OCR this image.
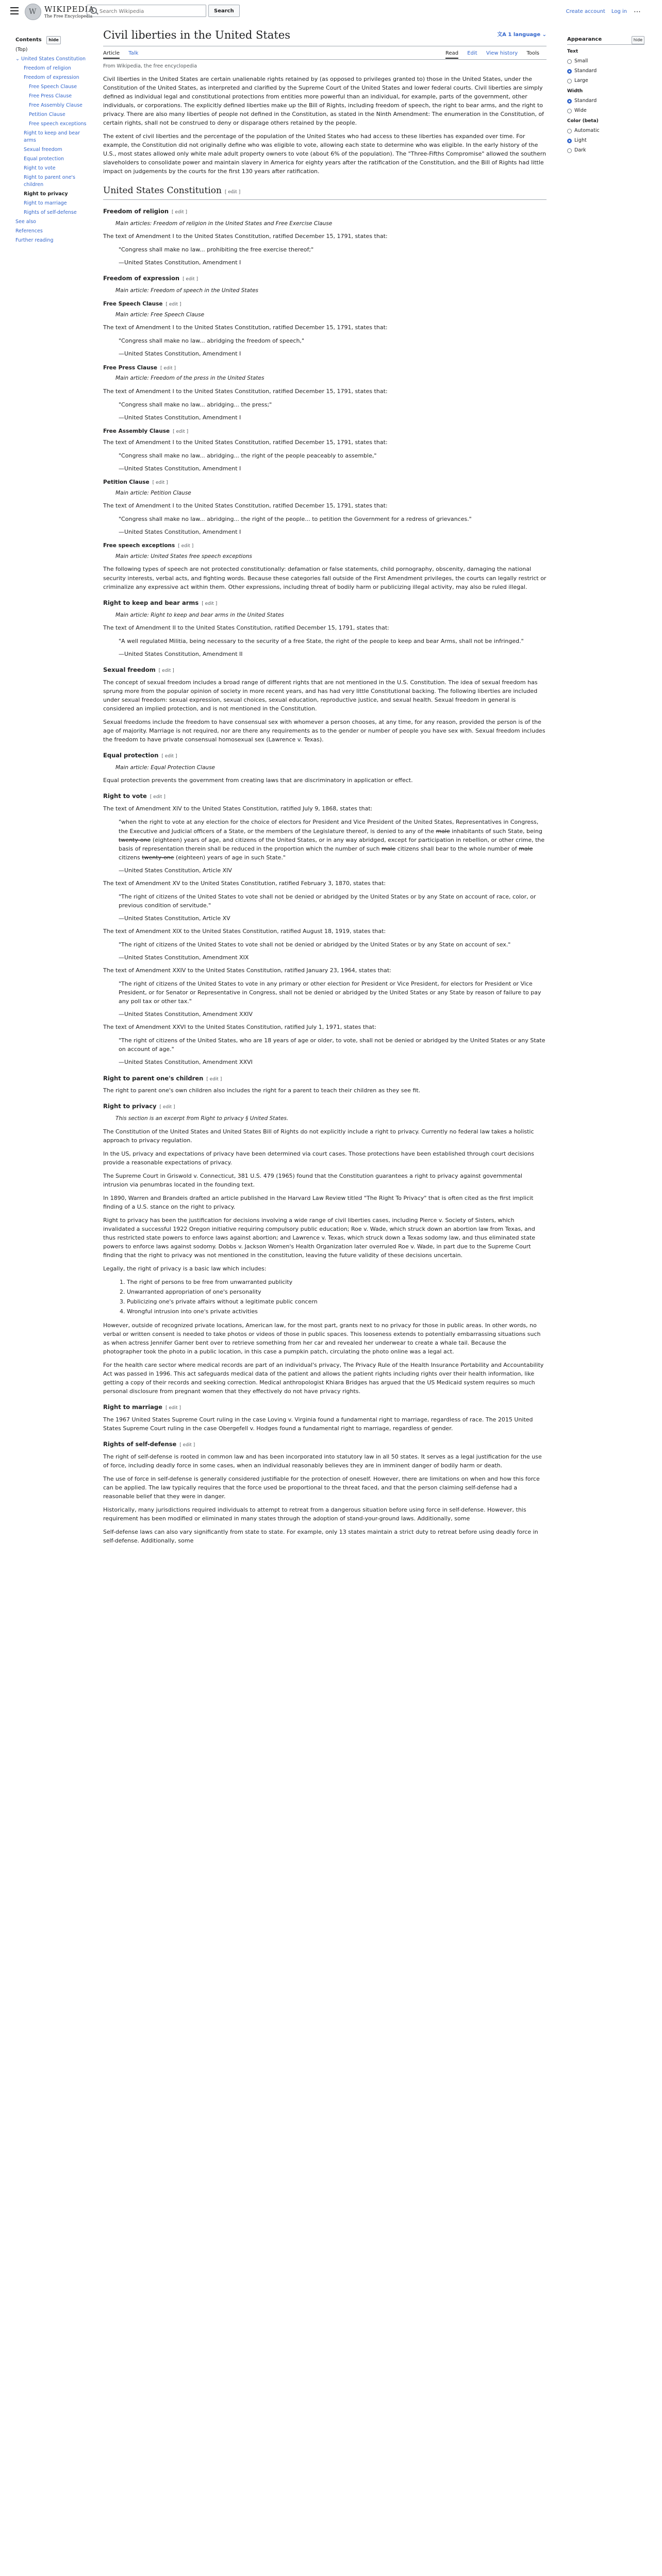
W
WIKIPEDIA
The Free Encyclopedia
Search Wikipedia
Search	Create account Log in ⋯
Contents hide
(Top)
⌄ United States Constitution
Freedom of religion
Freedom of expression
Free Speech Clause
Free Press Clause
Free Assembly Clause
Petition Clause
Free speech exceptions
Right to keep and bear arms
Sexual freedom
Equal protection
Right to vote
Right to parent one's children
Right to privacy
Right to marriage
Rights of self-defense
See also
References
Further reading
Appearance	hide
Text
Small
Standard
Large
Width
Standard
Wide
Color (beta)
Automatic
Light
Dark
Civil liberties in the United States	文A 1 language ⌄
Article Talk	Read Edit View history Tools
From Wikipedia, the free encyclopedia

Civil liberties in the United States are certain unalienable rights retained by (as opposed to privileges granted to) those in the United States, under the Constitution of the United States, as interpreted and clarified by the Supreme Court of the United States and lower federal courts. Civil liberties are simply defined as individual legal and constitutional protections from entities more powerful than an individual, for example, parts of the government, other individuals, or corporations. The explicitly defined liberties make up the Bill of Rights, including freedom of speech, the right to bear arms, and the right to privacy. There are also many liberties of people not defined in the Constitution, as stated in the Ninth Amendment: The enumeration in the Constitution, of certain rights, shall not be construed to deny or disparage others retained by the people.

The extent of civil liberties and the percentage of the population of the United States who had access to these liberties has expanded over time. For example, the Constitution did not originally define who was eligible to vote, allowing each state to determine who was eligible. In the early history of the U.S., most states allowed only white male adult property owners to vote (about 6% of the population). The "Three-Fifths Compromise" allowed the southern slaveholders to consolidate power and maintain slavery in America for eighty years after the ratification of the Constitution, and the Bill of Rights had little impact on judgements by the courts for the first 130 years after ratification.

United States Constitution [ edit ]
Freedom of religion [ edit ]
Main articles: Freedom of religion in the United States and Free Exercise Clause

The text of Amendment I to the United States Constitution, ratified December 15, 1791, states that:

"Congress shall make no law... prohibiting the free exercise thereof;"
—United States Constitution, Amendment I
Freedom of expression [ edit ]
Main article: Freedom of speech in the United States
Free Speech Clause [ edit ]
Main article: Free Speech Clause

The text of Amendment I to the United States Constitution, ratified December 15, 1791, states that:

"Congress shall make no law... abridging the freedom of speech,"
—United States Constitution, Amendment I
Free Press Clause [ edit ]
Main article: Freedom of the press in the United States

The text of Amendment I to the United States Constitution, ratified December 15, 1791, states that:

"Congress shall make no law... abridging... the press;"
—United States Constitution, Amendment I
Free Assembly Clause [ edit ]

The text of Amendment I to the United States Constitution, ratified December 15, 1791, states that:

"Congress shall make no law... abridging... the right of the people peaceably to assemble,"
—United States Constitution, Amendment I
Petition Clause [ edit ]
Main article: Petition Clause

The text of Amendment I to the United States Constitution, ratified December 15, 1791, states that:

"Congress shall make no law... abridging... the right of the people... to petition the Government for a redress of grievances."
—United States Constitution, Amendment I
Free speech exceptions [ edit ]
Main article: United States free speech exceptions

The following types of speech are not protected constitutionally: defamation or false statements, child pornography, obscenity, damaging the national security interests, verbal acts, and fighting words. Because these categories fall outside of the First Amendment privileges, the courts can legally restrict or criminalize any expressive act within them. Other expressions, including threat of bodily harm or publicizing illegal activity, may also be ruled illegal.

Right to keep and bear arms [ edit ]
Main article: Right to keep and bear arms in the United States

The text of Amendment II to the United States Constitution, ratified December 15, 1791, states that:

"A well regulated Militia, being necessary to the security of a free State, the right of the people to keep and bear Arms, shall not be infringed."
—United States Constitution, Amendment II
Sexual freedom [ edit ]

The concept of sexual freedom includes a broad range of different rights that are not mentioned in the U.S. Constitution. The idea of sexual freedom has sprung more from the popular opinion of society in more recent years, and has had very little Constitutional backing. The following liberties are included under sexual freedom: sexual expression, sexual choices, sexual education, reproductive justice, and sexual health. Sexual freedom in general is considered an implied protection, and is not mentioned in the Constitution.

Sexual freedoms include the freedom to have consensual sex with whomever a person chooses, at any time, for any reason, provided the person is of the age of majority. Marriage is not required, nor are there any requirements as to the gender or number of people you have sex with. Sexual freedom includes the freedom to have private consensual homosexual sex (Lawrence v. Texas).

Equal protection [ edit ]
Main article: Equal Protection Clause

Equal protection prevents the government from creating laws that are discriminatory in application or effect.

Right to vote [ edit ]

The text of Amendment XIV to the United States Constitution, ratified July 9, 1868, states that:

"when the right to vote at any election for the choice of electors for President and Vice President of the United States, Representatives in Congress, the Executive and Judicial officers of a State, or the members of the Legislature thereof, is denied to any of the male inhabitants of such State, being twenty-one (eighteen) years of age, and citizens of the United States, or in any way abridged, except for participation in rebellion, or other crime, the basis of representation therein shall be reduced in the proportion which the number of such male citizens shall bear to the whole number of male citizens twenty-one (eighteen) years of age in such State."
—United States Constitution, Article XIV

The text of Amendment XV to the United States Constitution, ratified February 3, 1870, states that:

"The right of citizens of the United States to vote shall not be denied or abridged by the United States or by any State on account of race, color, or previous condition of servitude."
—United States Constitution, Article XV

The text of Amendment XIX to the United States Constitution, ratified August 18, 1919, states that:

"The right of citizens of the United States to vote shall not be denied or abridged by the United States or by any State on account of sex."
—United States Constitution, Amendment XIX

The text of Amendment XXIV to the United States Constitution, ratified January 23, 1964, states that:

"The right of citizens of the United States to vote in any primary or other election for President or Vice President, for electors for President or Vice President, or for Senator or Representative in Congress, shall not be denied or abridged by the United States or any State by reason of failure to pay any poll tax or other tax."
—United States Constitution, Amendment XXIV

The text of Amendment XXVI to the United States Constitution, ratified July 1, 1971, states that:

"The right of citizens of the United States, who are 18 years of age or older, to vote, shall not be denied or abridged by the United States or any State on account of age."
—United States Constitution, Amendment XXVI
Right to parent one's children [ edit ]

The right to parent one's own children also includes the right for a parent to teach their children as they see fit.

Right to privacy [ edit ]
This section is an excerpt from Right to privacy § United States.

The Constitution of the United States and United States Bill of Rights do not explicitly include a right to privacy. Currently no federal law takes a holistic approach to privacy regulation.

In the US, privacy and expectations of privacy have been determined via court cases. Those protections have been established through court decisions provide a reasonable expectations of privacy.

The Supreme Court in Griswold v. Connecticut, 381 U.S. 479 (1965) found that the Constitution guarantees a right to privacy against governmental intrusion via penumbras located in the founding text.

In 1890, Warren and Brandeis drafted an article published in the Harvard Law Review titled "The Right To Privacy" that is often cited as the first implicit finding of a U.S. stance on the right to privacy.

Right to privacy has been the justification for decisions involving a wide range of civil liberties cases, including Pierce v. Society of Sisters, which invalidated a successful 1922 Oregon initiative requiring compulsory public education; Roe v. Wade, which struck down an abortion law from Texas, and thus restricted state powers to enforce laws against abortion; and Lawrence v. Texas, which struck down a Texas sodomy law, and thus eliminated state powers to enforce laws against sodomy. Dobbs v. Jackson Women's Health Organization later overruled Roe v. Wade, in part due to the Supreme Court finding that the right to privacy was not mentioned in the constitution, leaving the future validity of these decisions uncertain.

Legally, the right of privacy is a basic law which includes:

1. The right of persons to be free from unwarranted publicity
2. Unwarranted appropriation of one's personality
3. Publicizing one's private affairs without a legitimate public concern
4. Wrongful intrusion into one's private activities

However, outside of recognized private locations, American law, for the most part, grants next to no privacy for those in public areas. In other words, no verbal or written consent is needed to take photos or videos of those in public spaces. This looseness extends to potentially embarrassing situations such as when actress Jennifer Garner bent over to retrieve something from her car and revealed her underwear to create a whale tail. Because the photographer took the photo in a public location, in this case a pumpkin patch, circulating the photo online was a legal act.

For the health care sector where medical records are part of an individual's privacy, The Privacy Rule of the Health Insurance Portability and Accountability Act was passed in 1996. This act safeguards medical data of the patient and allows the patient rights including rights over their health information, like getting a copy of their records and seeking correction. Medical anthropologist Khiara Bridges has argued that the US Medicaid system requires so much personal disclosure from pregnant women that they effectively do not have privacy rights.

Right to marriage [ edit ]

The 1967 United States Supreme Court ruling in the case Loving v. Virginia found a fundamental right to marriage, regardless of race. The 2015 United States Supreme Court ruling in the case Obergefell v. Hodges found a fundamental right to marriage, regardless of gender.

Rights of self-defense [ edit ]

The right of self-defense is rooted in common law and has been incorporated into statutory law in all 50 states. It serves as a legal justification for the use of force, including deadly force in some cases, when an individual reasonably believes they are in imminent danger of bodily harm or death.

The use of force in self-defense is generally considered justifiable for the protection of oneself. However, there are limitations on when and how this force can be applied. The law typically requires that the force used be proportional to the threat faced, and that the person claiming self-defense had a reasonable belief that they were in danger.

Historically, many jurisdictions required individuals to attempt to retreat from a dangerous situation before using force in self-defense. However, this requirement has been modified or eliminated in many states through the adoption of stand-your-ground laws. Additionally, some

Self-defense laws can also vary significantly from state to state. For example, only 13 states maintain a strict duty to retreat before using deadly force in self-defense. Additionally, some
